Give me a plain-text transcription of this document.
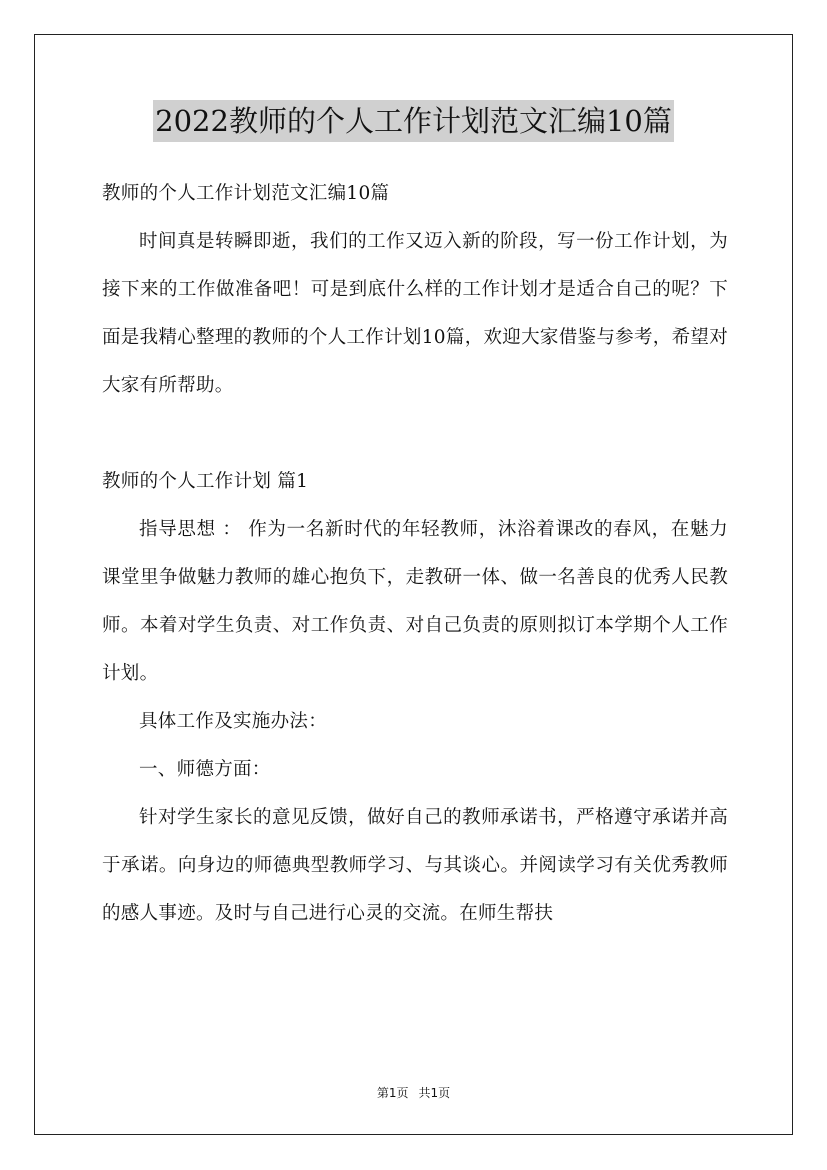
2022教师的个人工作计划范文汇编10篇

教师的个人工作计划范文汇编10篇

时间真是转瞬即逝，我们的工作又迈入新的阶段，写一份工作计划，为接下来的工作做准备吧！可是到底什么样的工作计划才是适合自己的呢？下面是我精心整理的教师的个人工作计划10篇，欢迎大家借鉴与参考，希望对大家有所帮助。

教师的个人工作计划 篇1

指导思想 ： 作为一名新时代的年轻教师，沐浴着课改的春风，在魅力课堂里争做魅力教师的雄心抱负下，走教研一体、做一名善良的优秀人民教师。本着对学生负责、对工作负责、对自己负责的原则拟订本学期个人工作计划。

具体工作及实施办法：

一、师德方面：

针对学生家长的意见反馈，做好自己的教师承诺书，严格遵守承诺并高于承诺。向身边的师德典型教师学习、与其谈心。并阅读学习有关优秀教师的感人事迹。及时与自己进行心灵的交流。在师生帮扶

第1页 共1页
